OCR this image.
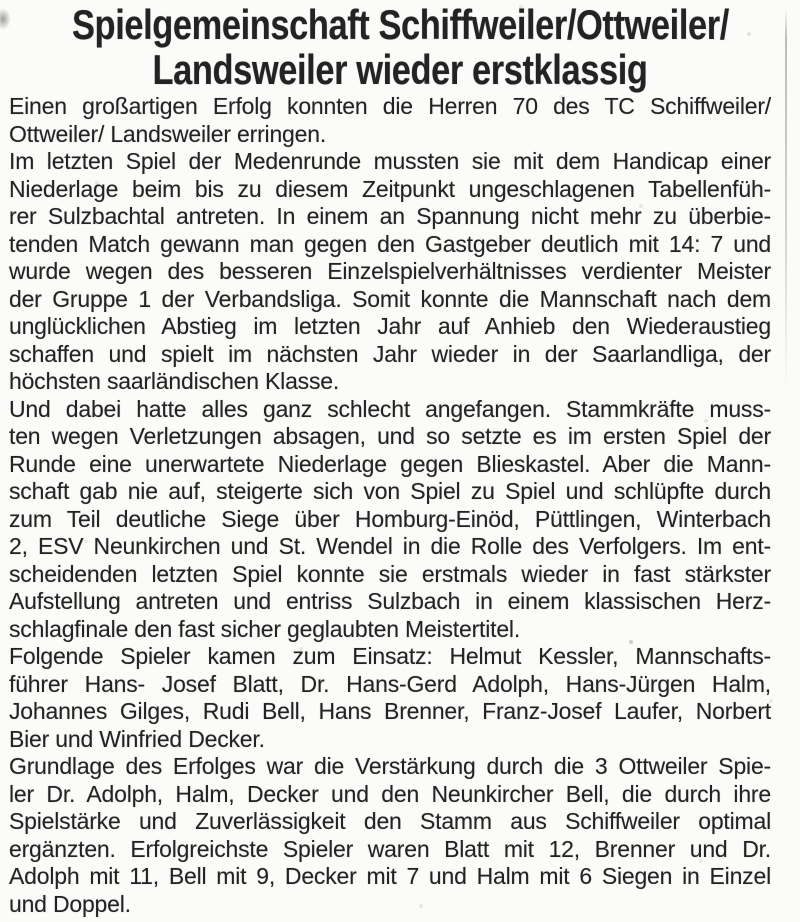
Spielgemeinschaft Schiffweiler/Ottweiler/
Landsweiler wieder erstklassig
Einen großartigen Erfolg konnten die Herren 70 des TC Schiffweiler/
Ottweiler/ Landsweiler erringen.
Im letzten Spiel der Medenrunde mussten sie mit dem Handicap einer
Niederlage beim bis zu diesem Zeitpunkt ungeschlagenen Tabellenfüh-
rer Sulzbachtal antreten. In einem an Spannung nicht mehr zu überbie-
tenden Match gewann man gegen den Gastgeber deutlich mit 14: 7 und
wurde wegen des besseren Einzelspielverhältnisses verdienter Meister
der Gruppe 1 der Verbandsliga. Somit konnte die Mannschaft nach dem
unglücklichen Abstieg im letzten Jahr auf Anhieb den Wiederaustieg
schaffen und spielt im nächsten Jahr wieder in der Saarlandliga, der
höchsten saarländischen Klasse.
Und dabei hatte alles ganz schlecht angefangen. Stammkräfte muss-
ten wegen Verletzungen absagen, und so setzte es im ersten Spiel der
Runde eine unerwartete Niederlage gegen Blieskastel. Aber die Mann-
schaft gab nie auf, steigerte sich von Spiel zu Spiel und schlüpfte durch
zum Teil deutliche Siege über Homburg-Einöd, Püttlingen, Winterbach
2, ESV Neunkirchen und St. Wendel in die Rolle des Verfolgers. Im ent-
scheidenden letzten Spiel konnte sie erstmals wieder in fast stärkster
Aufstellung antreten und entriss Sulzbach in einem klassischen Herz-
schlagfinale den fast sicher geglaubten Meistertitel.
Folgende Spieler kamen zum Einsatz: Helmut Kessler, Mannschafts-
führer Hans- Josef Blatt, Dr. Hans-Gerd Adolph, Hans-Jürgen Halm,
Johannes Gilges, Rudi Bell, Hans Brenner, Franz-Josef Laufer, Norbert
Bier und Winfried Decker.
Grundlage des Erfolges war die Verstärkung durch die 3 Ottweiler Spie-
ler Dr. Adolph, Halm, Decker und den Neunkircher Bell, die durch ihre
Spielstärke und Zuverlässigkeit den Stamm aus Schiffweiler optimal
ergänzten. Erfolgreichste Spieler waren Blatt mit 12, Brenner und Dr.
Adolph mit 11, Bell mit 9, Decker mit 7 und Halm mit 6 Siegen in Einzel
und Doppel.
